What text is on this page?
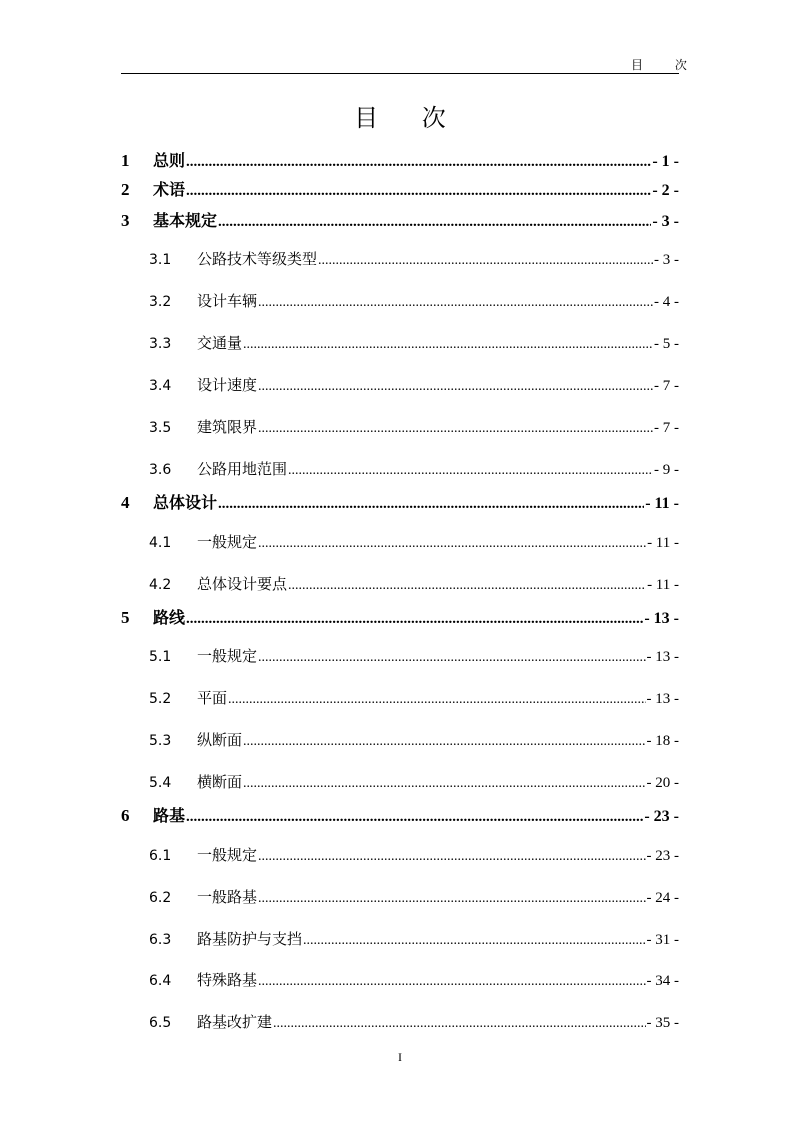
目 次
目 次
1	总则 .....	- 1 -
2	术语 .....	- 2 -
3	基本规定 .....	- 3 -
3.1	公路技术等级类型 .....	- 3 -
3.2	设计车辆 .....	- 4 -
3.3	交通量 .....	- 5 -
3.4	设计速度 .....	- 7 -
3.5	建筑限界 .....	- 7 -
3.6	公路用地范围 .....	- 9 -
4	总体设计 .....	- 11 -
4.1	一般规定 .....	- 11 -
4.2	总体设计要点 .....	- 11 -
5	路线 .....	- 13 -
5.1	一般规定 .....	- 13 -
5.2	平面 .....	- 13 -
5.3	纵断面 .....	- 18 -
5.4	横断面 .....	- 20 -
6	路基 .....	- 23 -
6.1	一般规定 .....	- 23 -
6.2	一般路基 .....	- 24 -
6.3	路基防护与支挡 .....	- 31 -
6.4	特殊路基 .....	- 34 -
6.5	路基改扩建 .....	- 35 -
I
